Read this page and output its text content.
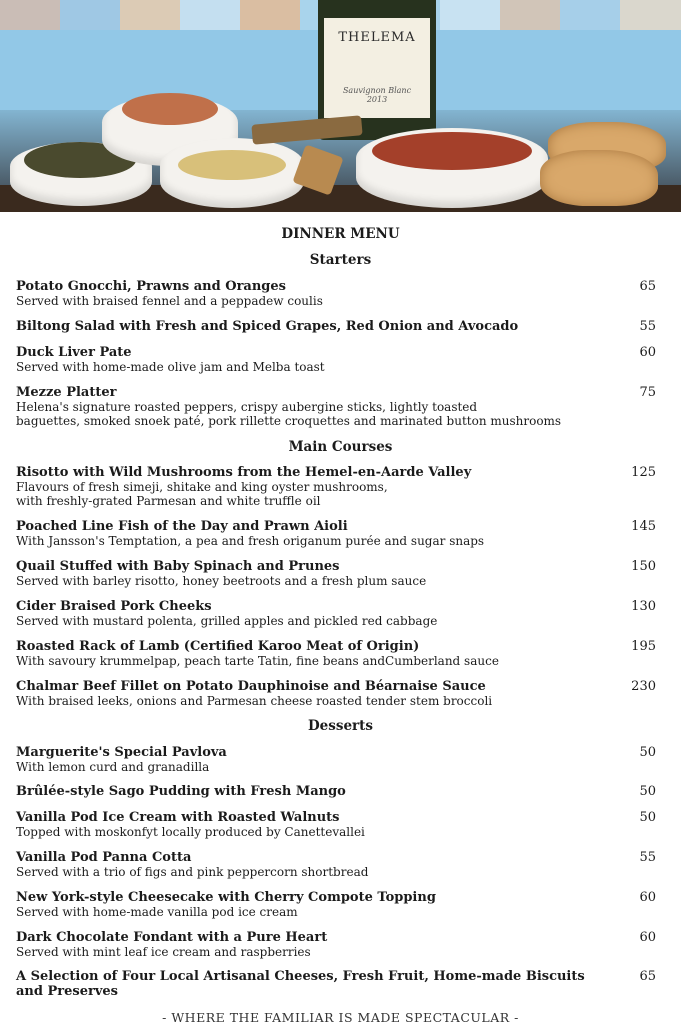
THELEMA
Sauvignon Blanc
2013
Potato Gnocchi, Prawns and Oranges
Served with braised fennel and a peppadew coulis
65
Biltong Salad with Fresh and Spiced Grapes, Red Onion and Avocado	55
Duck Liver Pate
Served with home-made olive jam and Melba toast
60
Mezze Platter
Helena's signature roasted peppers, crispy aubergine sticks, lightly toasted
baguettes, smoked snoek paté, pork rillette croquettes and marinated button mushrooms
75
Risotto with Wild Mushrooms from the Hemel-en-Aarde Valley
Flavours of fresh simeji, shitake and king oyster mushrooms,
with freshly-grated Parmesan and white truffle oil
125
Poached Line Fish of the Day and Prawn Aioli
With Jansson's Temptation, a pea and fresh origanum purée and sugar snaps
145
Quail Stuffed with Baby Spinach and Prunes
Served with barley risotto, honey beetroots and a fresh plum sauce
150
Cider Braised Pork Cheeks
Served with mustard polenta, grilled apples and pickled red cabbage
130
Roasted Rack of Lamb (Certified Karoo Meat of Origin)
With savoury krummelpap, peach tarte Tatin, fine beans andCumberland sauce
195
Chalmar Beef Fillet on Potato Dauphinoise and Béarnaise Sauce
With braised leeks, onions and Parmesan cheese roasted tender stem broccoli
230
Marguerite's Special Pavlova
With lemon curd and granadilla
50
Brûlée-style Sago Pudding with Fresh Mango	50
Vanilla Pod Ice Cream with Roasted Walnuts
Topped with moskonfyt locally produced by Canettevallei
50
Vanilla Pod Panna Cotta
Served with a trio of figs and pink peppercorn shortbread
55
New York-style Cheesecake with Cherry Compote Topping
Served with home-made vanilla pod ice cream
60
Dark Chocolate Fondant with a Pure Heart
Served with mint leaf ice cream and raspberries
60
A Selection of Four Local Artisanal Cheeses, Fresh Fruit, Home-made Biscuits
and Preserves
65
- WHERE THE FAMILIAR IS MADE SPECTACULAR -
DINNER MENU
Starters
Main Courses
Desserts
